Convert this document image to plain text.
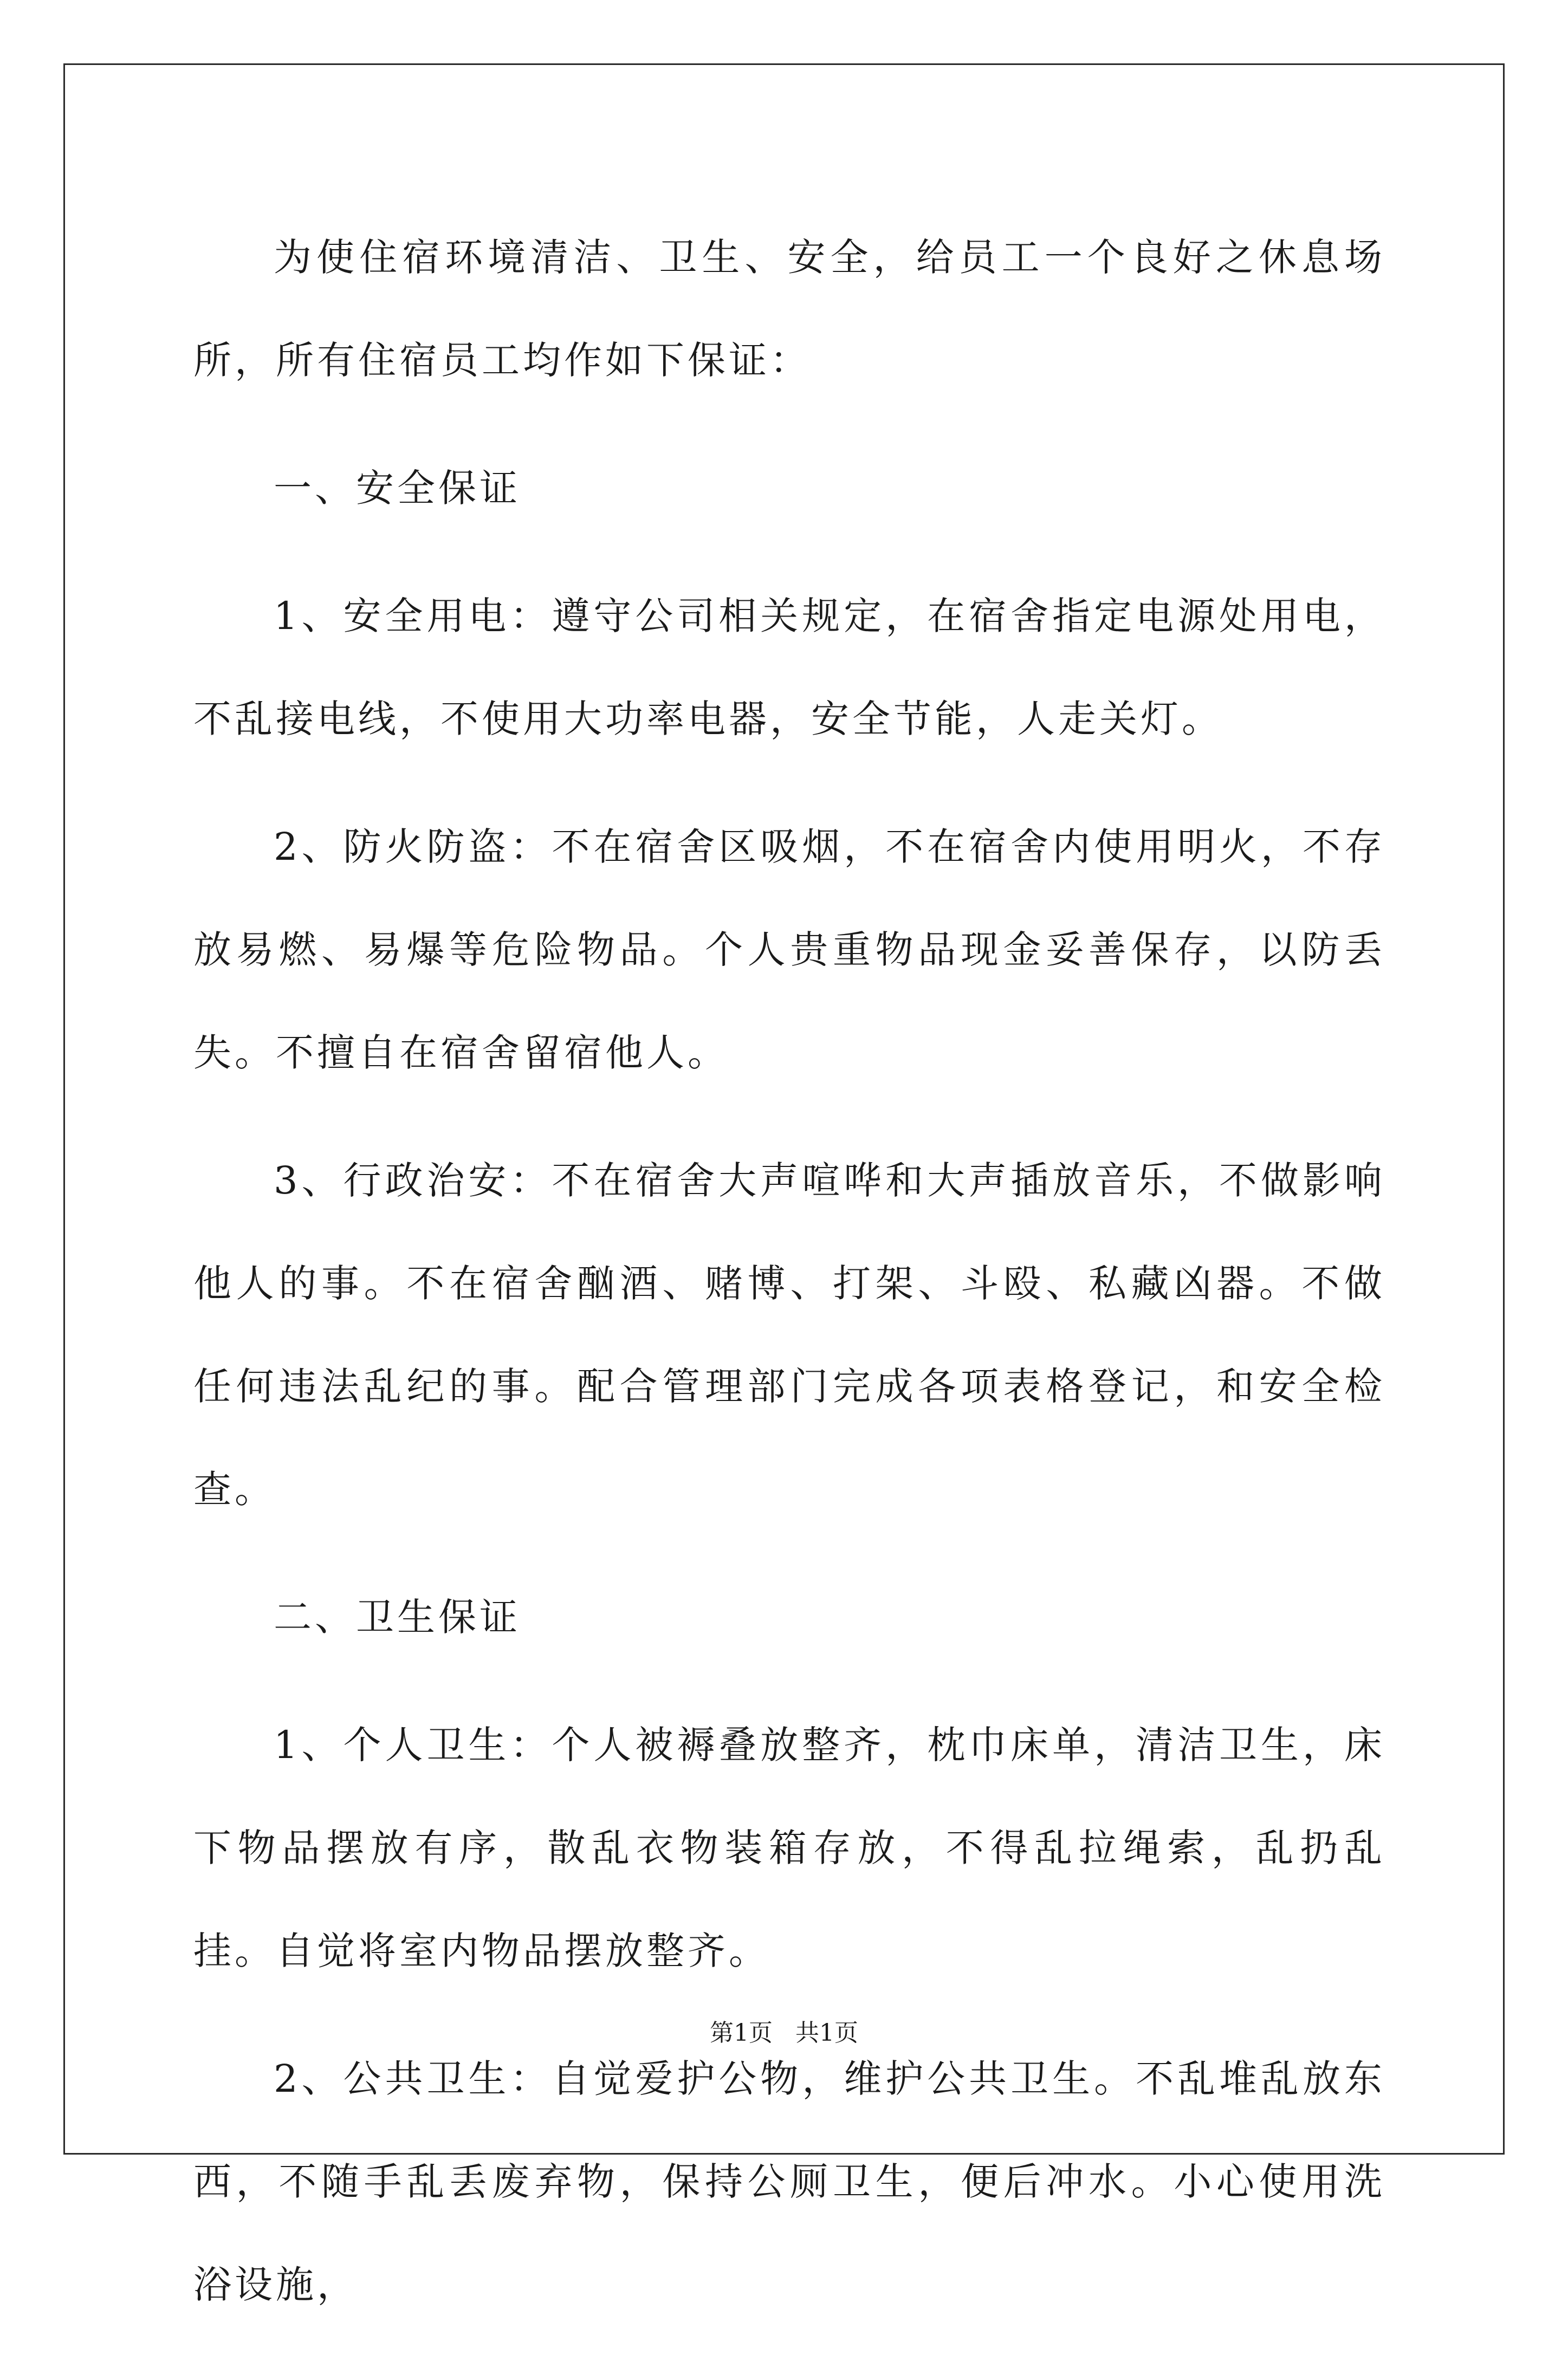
为使住宿环境清洁、卫生、安全，给员工一个良好之休息场所，所有住宿员工均作如下保证：

一、安全保证

1、安全用电：遵守公司相关规定，在宿舍指定电源处用电，不乱接电线，不使用大功率电器，安全节能，人走关灯。

2、防火防盗：不在宿舍区吸烟，不在宿舍内使用明火，不存放易燃、易爆等危险物品。个人贵重物品现金妥善保存，以防丢失。不擅自在宿舍留宿他人。

3、行政治安：不在宿舍大声喧哗和大声插放音乐，不做影响他人的事。不在宿舍酗酒、赌博、打架、斗殴、私藏凶器。不做任何违法乱纪的事。配合管理部门完成各项表格登记，和安全检查。

二、卫生保证

1、个人卫生：个人被褥叠放整齐，枕巾床单，清洁卫生，床下物品摆放有序，散乱衣物装箱存放，不得乱拉绳索，乱扔乱挂。自觉将室内物品摆放整齐。

2、公共卫生：自觉爱护公物，维护公共卫生。不乱堆乱放东西，不随手乱丢废弃物，保持公厕卫生，便后冲水。小心使用洗浴设施，

第1页 共1页
